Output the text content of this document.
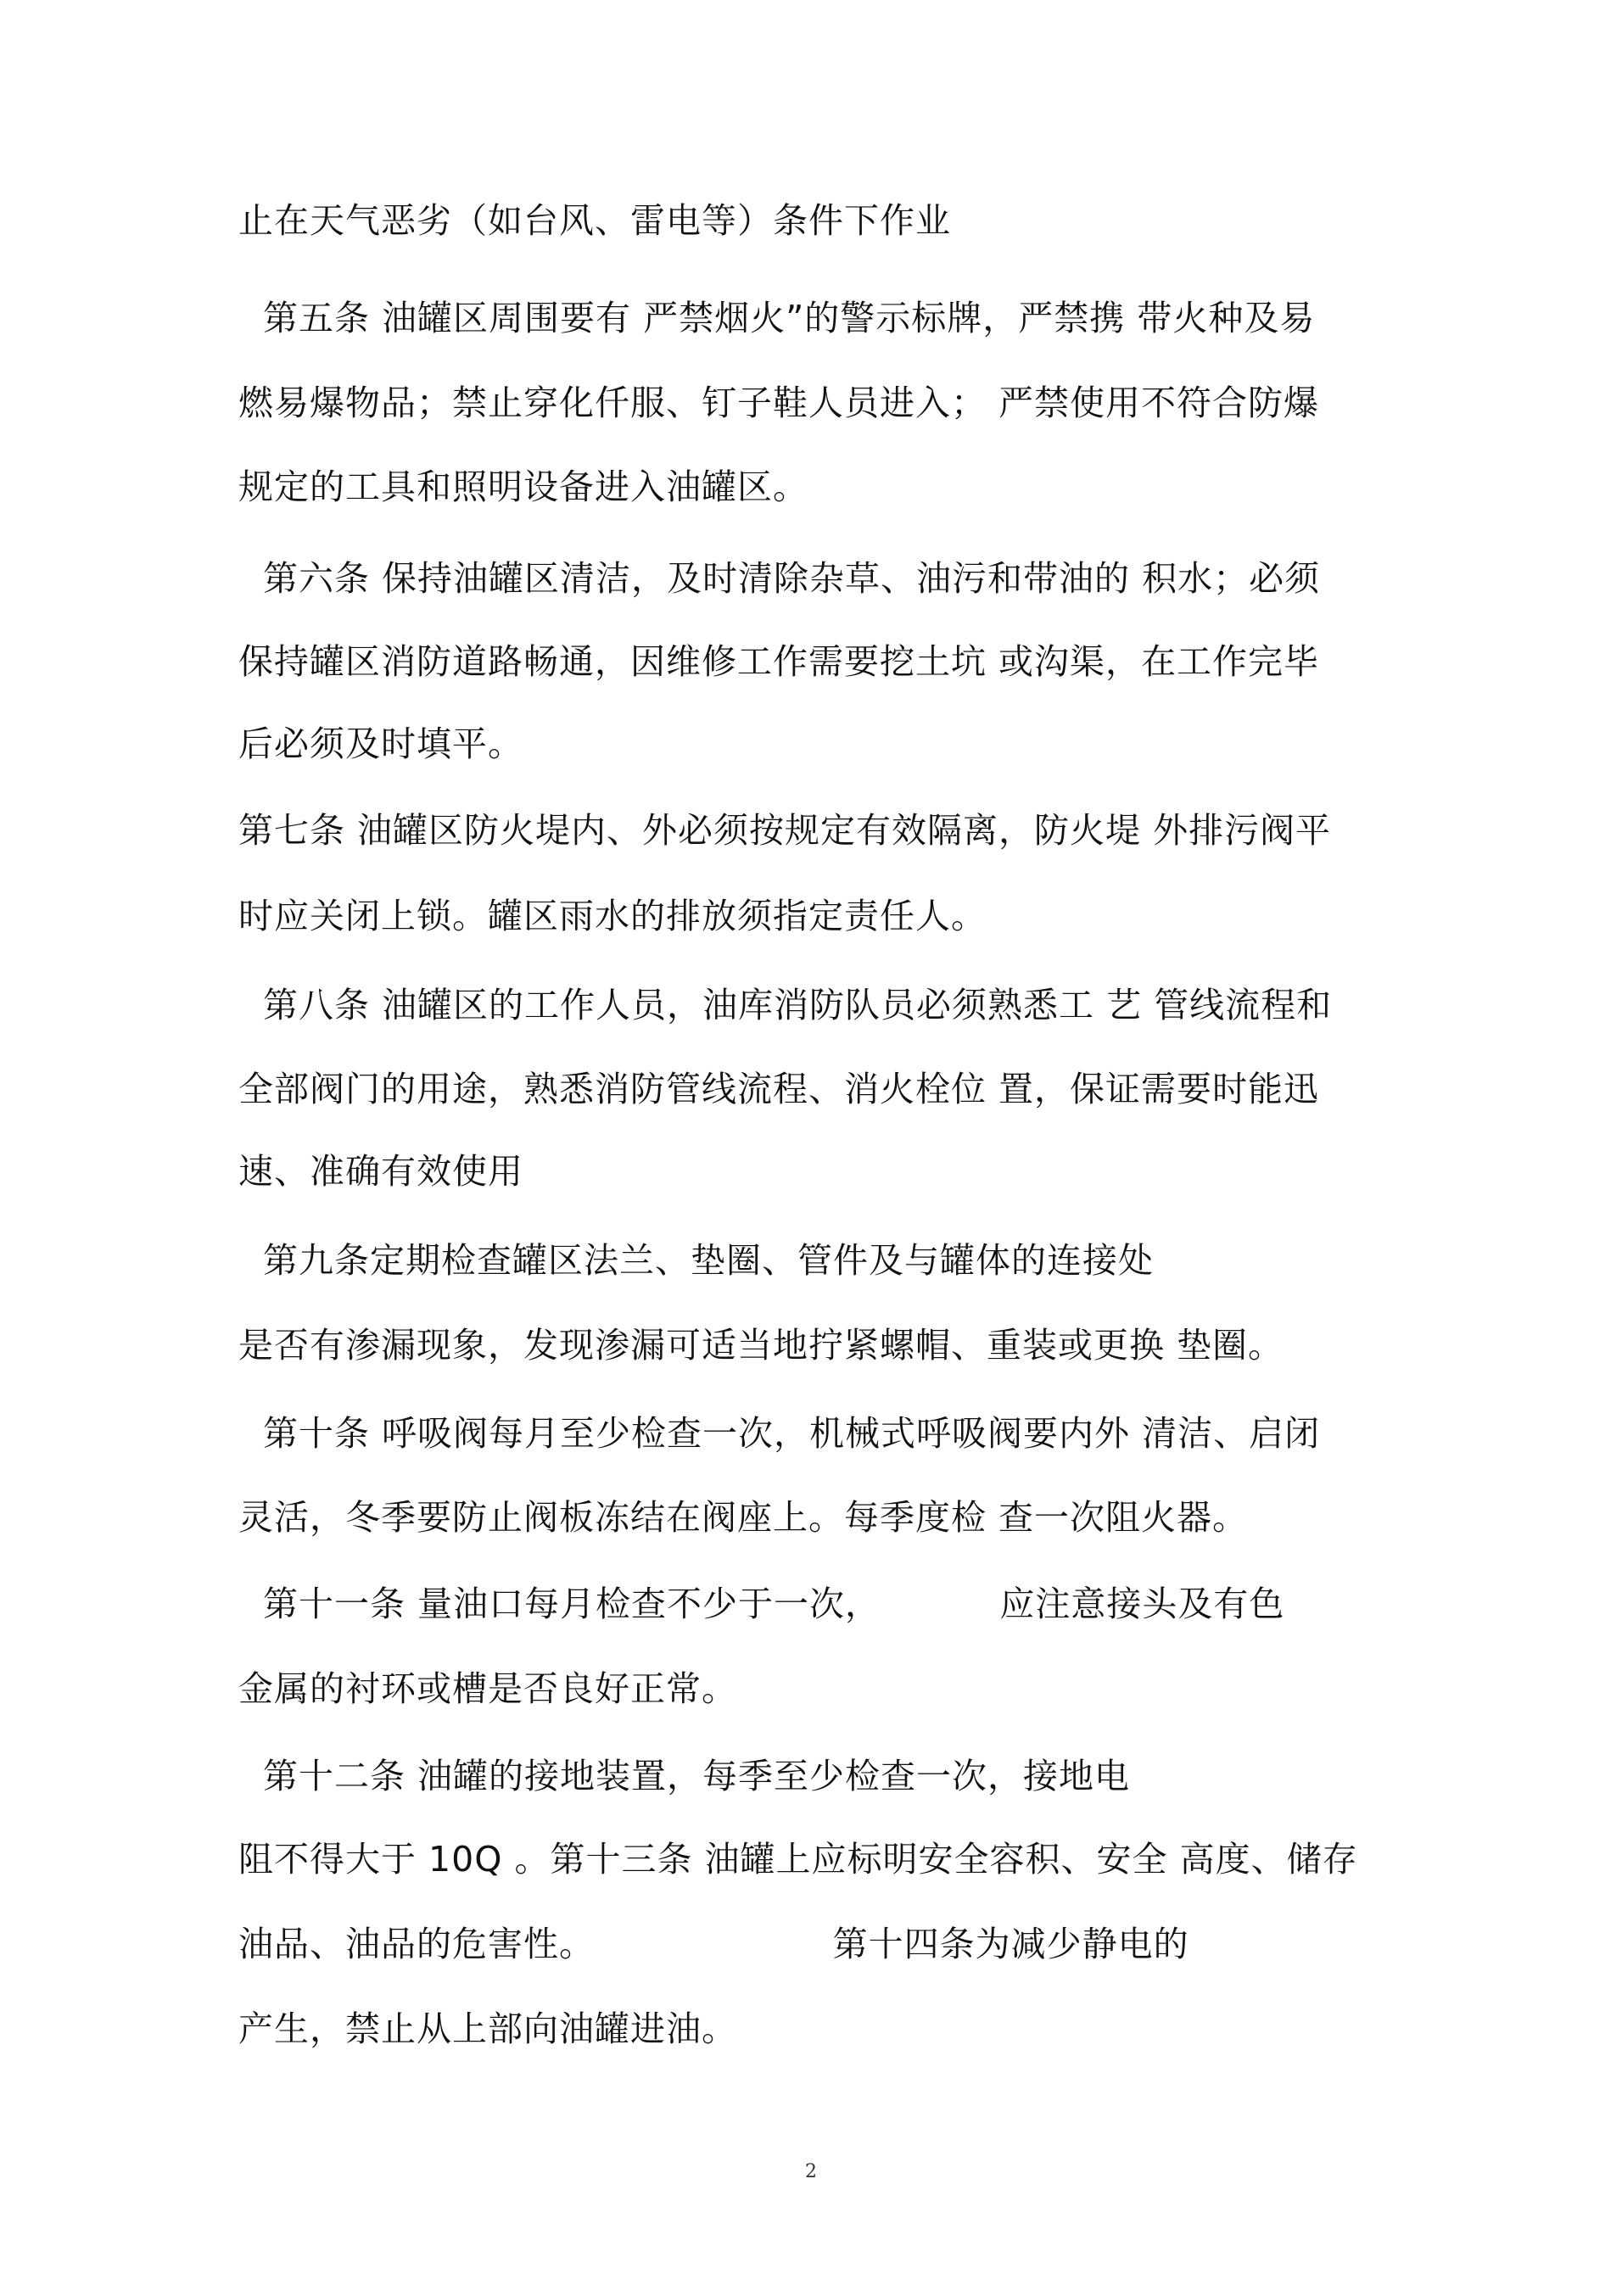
止在天气恶劣（如台风、雷电等）条件下作业

第五条 油罐区周围要有 严禁烟火”的警示标牌，严禁携 带火种及易

燃易爆物品；禁止穿化仟服、钉子鞋人员进入； 严禁使用不符合防爆

规定的工具和照明设备进入油罐区。

第六条 保持油罐区清洁，及时清除杂草、油污和带油的 积水；必须

保持罐区消防道路畅通，因维修工作需要挖土坑 或沟渠，在工作完毕

后必须及时填平。

第七条 油罐区防火堤内、外必须按规定有效隔离，防火堤 外排污阀平

时应关闭上锁。罐区雨水的排放须指定责任人。

第八条 油罐区的工作人员，油库消防队员必须熟悉工 艺 管线流程和

全部阀门的用途，熟悉消防管线流程、消火栓位 置，保证需要时能迅

速、准确有效使用

第九条定期检查罐区法兰、垫圈、管件及与罐体的连接处

是否有渗漏现象，发现渗漏可适当地拧紧螺帽、重装或更换 垫圈。

第十条 呼吸阀每月至少检查一次，机械式呼吸阀要内外 清洁、启闭

灵活，冬季要防止阀板冻结在阀座上。每季度检 查一次阻火器。

第十一条 量油口每月检查不少于一次，          应注意接头及有色

金属的衬环或槽是否良好正常。

第十二条 油罐的接地装置，每季至少检查一次，接地电

阻不得大于 10Q 。第十三条 油罐上应标明安全容积、安全 高度、储存

油品、油品的危害性。                    第十四条为减少静电的

产生，禁止从上部向油罐进油。

2
